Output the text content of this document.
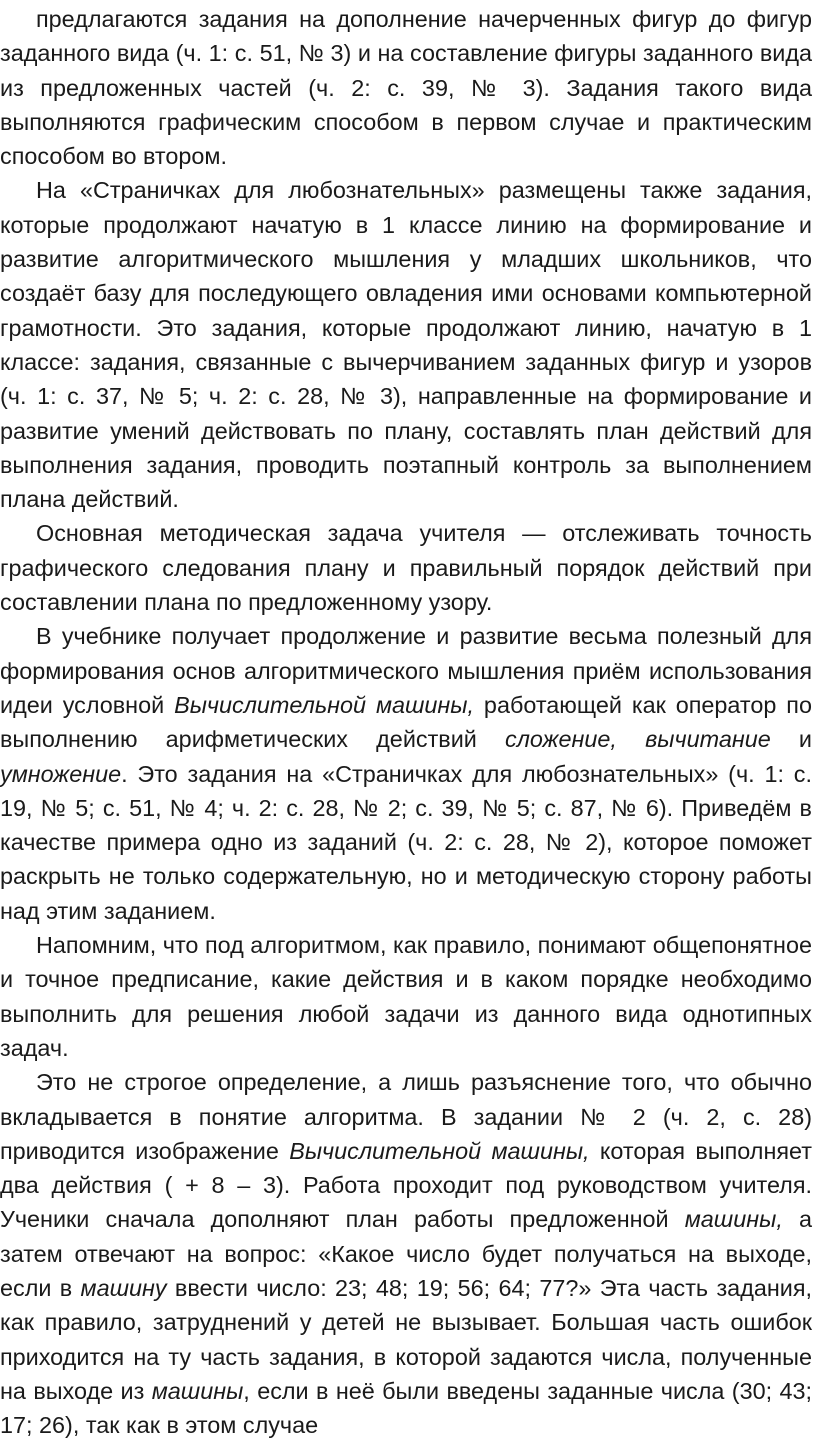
предлагаются задания на дополнение начерченных фигур до фигур заданного вида (ч. 1: с. 51, № 3) и на составление фигуры заданного вида из предложенных частей (ч. 2: с. 39, № 3). Задания такого вида выполняются графическим способом в первом случае и практическим способом во втором.

На «Страничках для любознательных» размещены также задания, которые продолжают начатую в 1 классе линию на формирование и развитие алгоритмического мышления у младших школьников, что создаёт базу для последующего овладения ими основами компьютерной грамотности. Это задания, которые продолжают линию, начатую в 1 классе: задания, связанные с вычерчиванием заданных фигур и узоров (ч. 1: с. 37, № 5; ч. 2: с. 28, № 3), направленные на формирование и развитие умений действовать по плану, составлять план действий для выполнения задания, проводить поэтапный контроль за выполнением плана действий.

Основная методическая задача учителя — отслеживать точность графического следования плану и правильный порядок действий при составлении плана по предложенному узору.

В учебнике получает продолжение и развитие весьма полезный для формирования основ алгоритмического мышления приём использования идеи условной Вычислительной машины, работающей как оператор по выполнению арифметических действий сложение, вычитание и умножение. Это задания на «Страничках для любознательных» (ч. 1: с. 19, № 5; с. 51, № 4; ч. 2: с. 28, № 2; с. 39, № 5; с. 87, № 6). Приведём в качестве примера одно из заданий (ч. 2: с. 28, № 2), которое поможет раскрыть не только содержательную, но и методическую сторону работы над этим заданием.

Напомним, что под алгоритмом, как правило, понимают общепонятное и точное предписание, какие действия и в каком порядке необходимо выполнить для решения любой задачи из данного вида однотипных задач.

Это не строгое определение, а лишь разъяснение того, что обычно вкладывается в понятие алгоритма. В задании № 2 (ч. 2, с. 28) приводится изображение Вычислительной машины, которая выполняет два действия ( + 8 – 3). Работа проходит под руководством учителя. Ученики сначала дополняют план работы предложенной машины, а затем отвечают на вопрос: «Какое число будет получаться на выходе, если в машину ввести число: 23; 48; 19; 56; 64; 77?» Эта часть задания, как правило, затруднений у детей не вызывает. Большая часть ошибок приходится на ту часть задания, в которой задаются числа, полученные на выходе из машины, если в неё были введены заданные числа (30; 43; 17; 26), так как в этом случае
